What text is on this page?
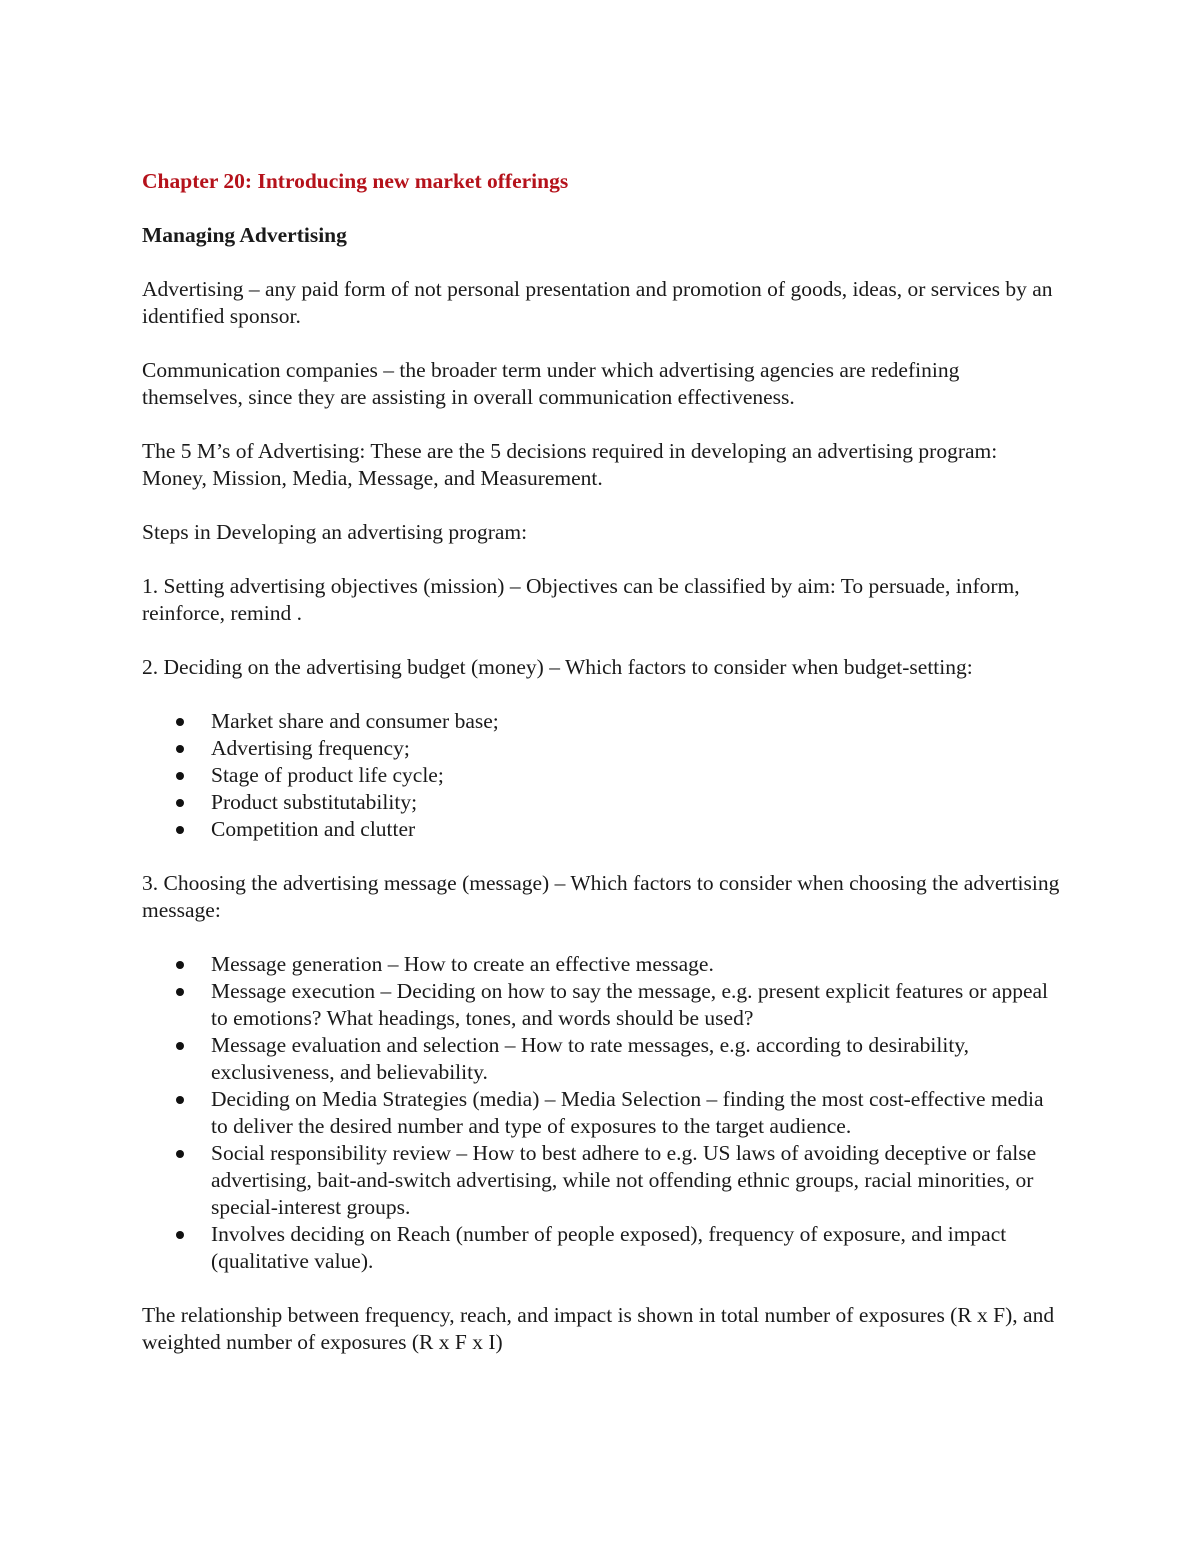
Chapter 20: Introducing new market offerings
Managing Advertising

Advertising – any paid form of not personal presentation and promotion of goods, ideas, or services by an identified sponsor.

Communication companies – the broader term under which advertising agencies are redefining themselves, since they are assisting in overall communication effectiveness.

The 5 M’s of Advertising: These are the 5 decisions required in developing an advertising program: Money, Mission, Media, Message, and Measurement.

Steps in Developing an advertising program:

1. Setting advertising objectives (mission) – Objectives can be classified by aim: To persuade, inform, reinforce, remind .

2. Deciding on the advertising budget (money) – Which factors to consider when budget-setting:

Market share and consumer base;
Advertising frequency;
Stage of product life cycle;
Product substitutability;
Competition and clutter

3. Choosing the advertising message (message) – Which factors to consider when choosing the advertising message:

Message generation – How to create an effective message.
Message execution – Deciding on how to say the message, e.g. present explicit features or appeal to emotions? What headings, tones, and words should be used?
Message evaluation and selection – How to rate messages, e.g. according to desirability, exclusiveness, and believability.
Deciding on Media Strategies (media) – Media Selection – finding the most cost-effective media to deliver the desired number and type of exposures to the target audience.
Social responsibility review – How to best adhere to e.g. US laws of avoiding deceptive or false advertising, bait-and-switch advertising, while not offending ethnic groups, racial minorities, or special-interest groups.
Involves deciding on Reach (number of people exposed), frequency of exposure, and impact (qualitative value).

The relationship between frequency, reach, and impact is shown in total number of exposures (R x F), and weighted number of exposures (R x F x I)
